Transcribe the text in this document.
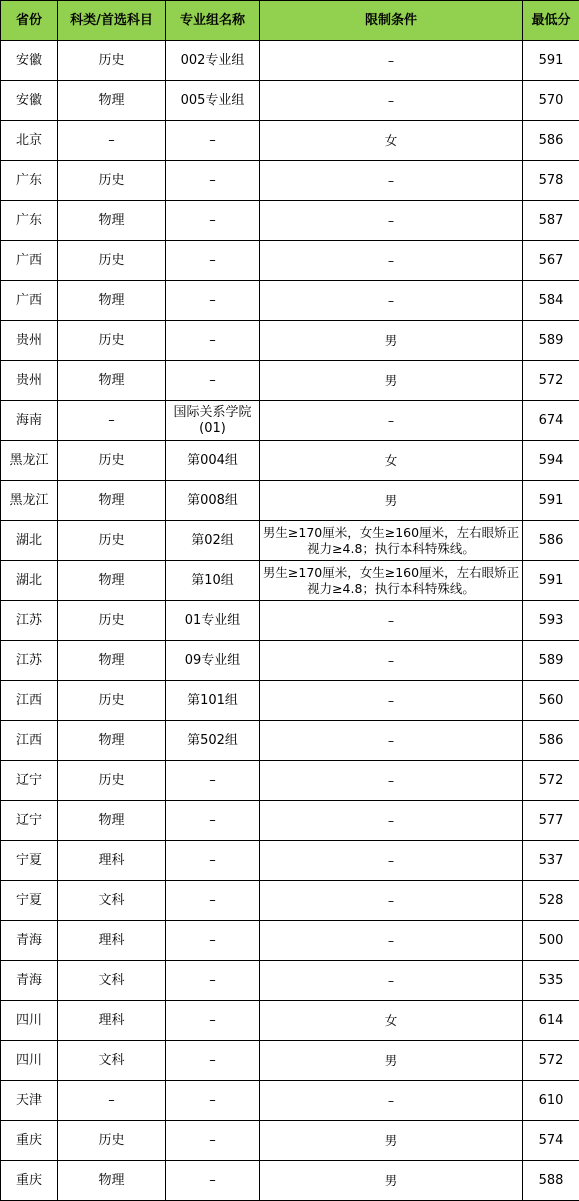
省份	科类/首选科目	专业组名称	限制条件	最低分
安徽	历史	002专业组	–	591
安徽	物理	005专业组	–	570
北京	–	–	女	586
广东	历史	–	–	578
广东	物理	–	–	587
广西	历史	–	–	567
广西	物理	–	–	584
贵州	历史	–	男	589
贵州	物理	–	男	572
海南	–	国际关系学院(01)	–	674
黑龙江	历史	第004组	女	594
黑龙江	物理	第008组	男	591
湖北	历史	第02组	男生≥170厘米，女生≥160厘米，左右眼矫正视力≥4.8；执行本科特殊线。	586
湖北	物理	第10组	男生≥170厘米，女生≥160厘米，左右眼矫正视力≥4.8；执行本科特殊线。	591
江苏	历史	01专业组	–	593
江苏	物理	09专业组	–	589
江西	历史	第101组	–	560
江西	物理	第502组	–	586
辽宁	历史	–	–	572
辽宁	物理	–	–	577
宁夏	理科	–	–	537
宁夏	文科	–	–	528
青海	理科	–	–	500
青海	文科	–	–	535
四川	理科	–	女	614
四川	文科	–	男	572
天津	–	–	–	610
重庆	历史	–	男	574
重庆	物理	–	男	588
